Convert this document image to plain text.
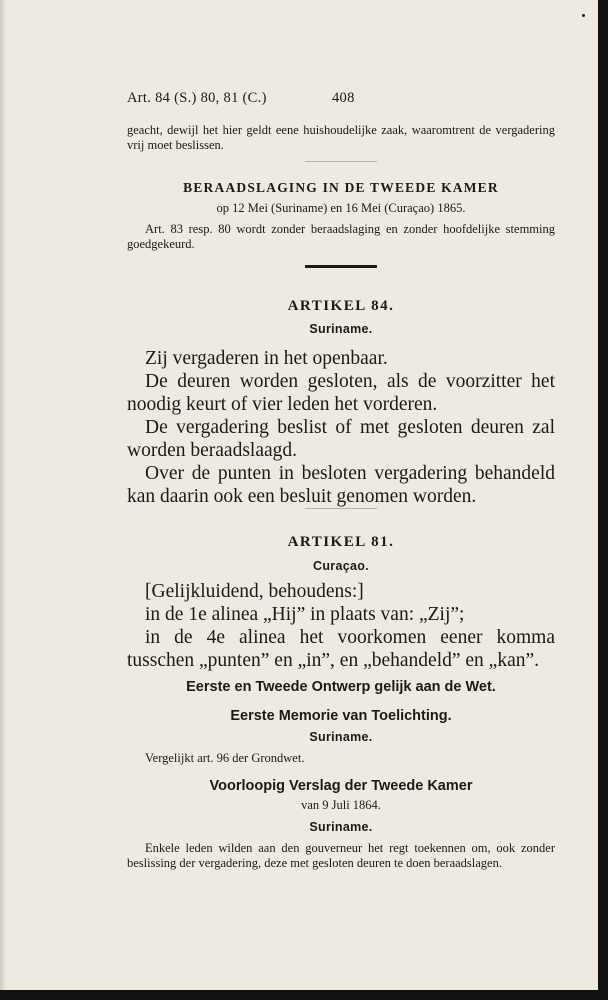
Art. 84 (S.) 80, 81 (C.)	408
geacht, dewijl het hier geldt eene huishoudelijke zaak, waaromtrent de vergadering vrij moet beslissen.
BERAADSLAGING IN DE TWEEDE KAMER
op 12 Mei (Suriname) en 16 Mei (Curaçao) 1865.
Art. 83 resp. 80 wordt zonder beraadslaging en zonder hoofdelijke stemming goedgekeurd.
ARTIKEL 84.
Suriname.

Zij vergaderen in het openbaar.

De deuren worden gesloten, als de voorzitter het noodig keurt of vier leden het vorderen.

De vergadering beslist of met gesloten deuren zal worden beraadslaagd.

Over de punten in besloten vergadering behandeld kan daarin ook een besluit genomen worden.

ARTIKEL 81.
Curaçao.

[Gelijkluidend, behoudens:]

in de 1e alinea „Hij” in plaats van: „Zij”;

in de 4e alinea het voorkomen eener komma tusschen „punten” en „in”, en „behandeld” en „kan”.

Eerste en Tweede Ontwerp gelijk aan de Wet.
Eerste Memorie van Toelichting.
Suriname.
Vergelijkt art. 96 der Grondwet.
Voorloopig Verslag der Tweede Kamer
van 9 Juli 1864.
Suriname.
Enkele leden wilden aan den gouverneur het regt toekennen om, ook zonder beslissing der vergadering, deze met gesloten deuren te doen beraadslagen.
